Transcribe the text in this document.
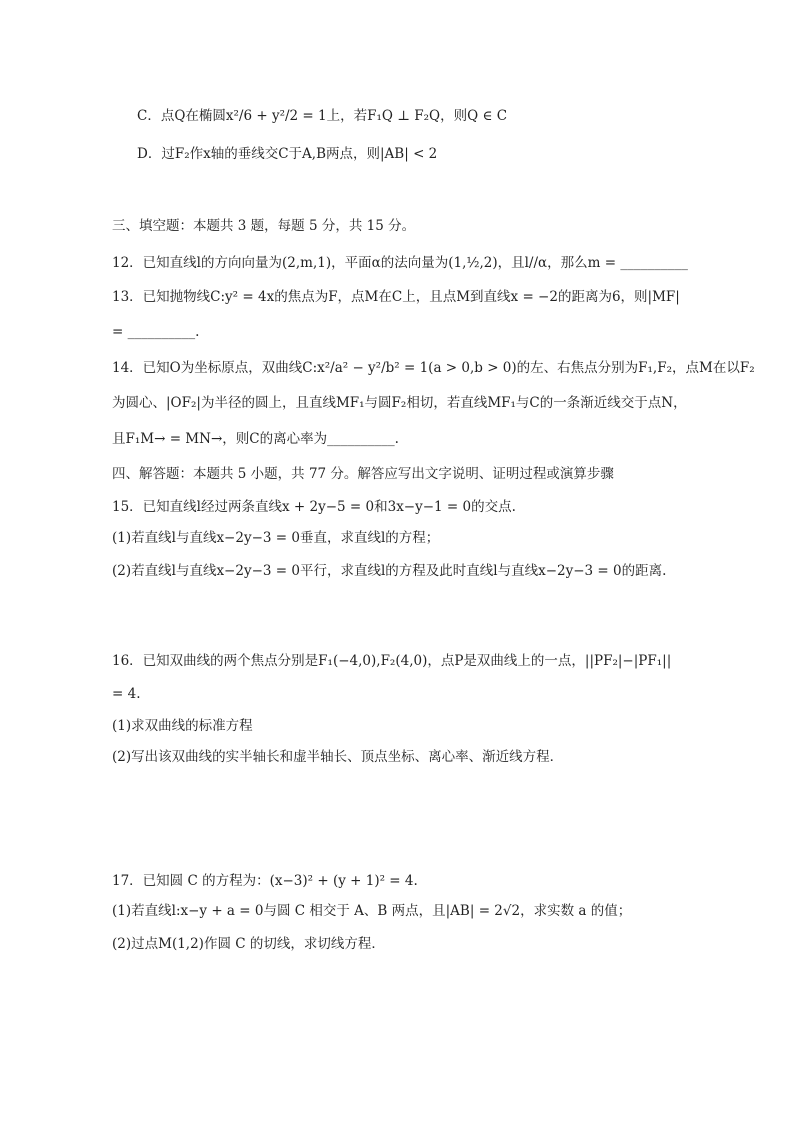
C．点Q在椭圆x²/6 + y²/2 = 1上，若F₁Q ⊥ F₂Q，则Q ∈ C
D．过F₂作x轴的垂线交C于A,B两点，则|AB| < 2
三、填空题：本题共 3 题，每题 5 分，共 15 分。
12．已知直线l的方向向量为(2,m,1)，平面α的法向量为(1,½,2)，且l//α，那么m = __________
13．已知抛物线C:y² = 4x的焦点为F，点M在C上，且点M到直线x = −2的距离为6，则|MF|
= __________.
14．已知O为坐标原点，双曲线C:x²/a² − y²/b² = 1(a > 0,b > 0)的左、右焦点分别为F₁,F₂，点M在以F₂
为圆心、|OF₂|为半径的圆上，且直线MF₁与圆F₂相切，若直线MF₁与C的一条渐近线交于点N，
且F₁M→ = MN→，则C的离心率为__________.
四、解答题：本题共 5 小题，共 77 分。解答应写出文字说明、证明过程或演算步骤
15．已知直线l经过两条直线x + 2y−5 = 0和3x−y−1 = 0的交点.
(1)若直线l与直线x−2y−3 = 0垂直，求直线l的方程；
(2)若直线l与直线x−2y−3 = 0平行，求直线l的方程及此时直线l与直线x−2y−3 = 0的距离.
16．已知双曲线的两个焦点分别是F₁(−4,0),F₂(4,0)，点P是双曲线上的一点，||PF₂|−|PF₁||
= 4.
(1)求双曲线的标准方程
(2)写出该双曲线的实半轴长和虚半轴长、顶点坐标、离心率、渐近线方程．
17．已知圆 C 的方程为：(x−3)² + (y + 1)² = 4.
(1)若直线l:x−y + a = 0与圆 C 相交于 A、B 两点，且|AB| = 2√2，求实数 a 的值；
(2)过点M(1,2)作圆 C 的切线，求切线方程．
